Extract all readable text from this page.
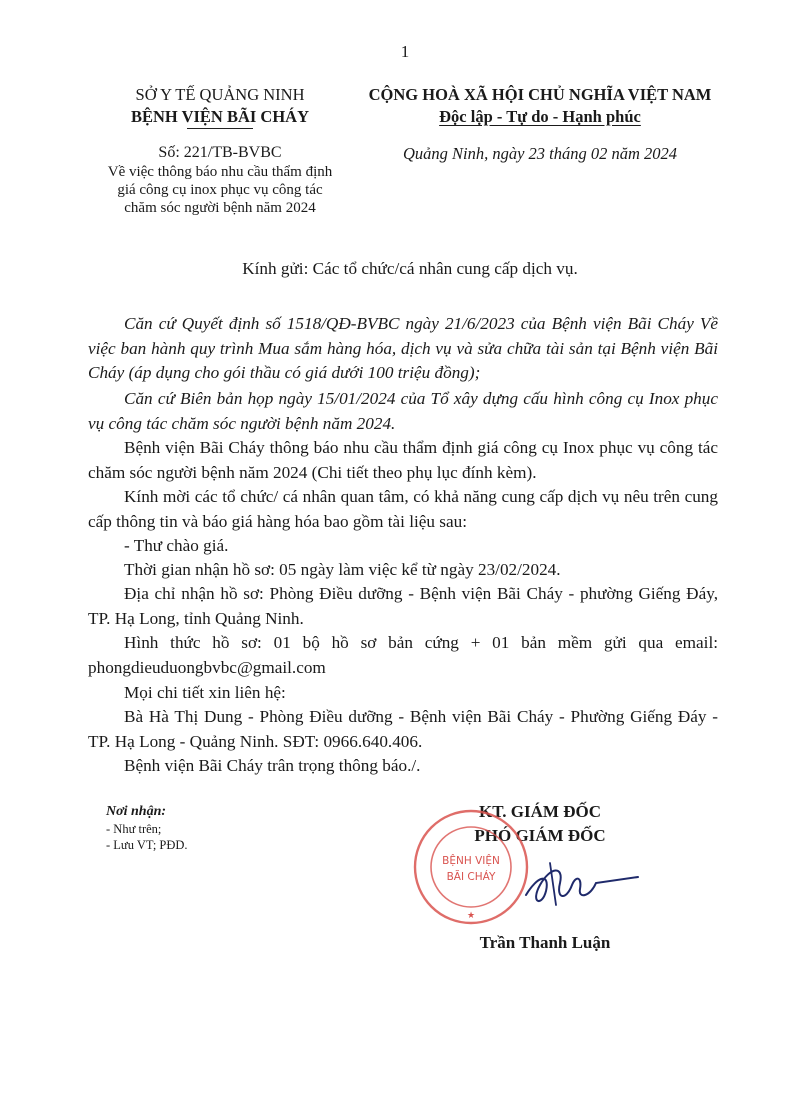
1
SỞ Y TẾ QUẢNG NINH
BỆNH VIỆN BÃI CHÁY
Số: 221/TB-BVBC
Về việc thông báo nhu cầu thẩm định
giá công cụ inox phục vụ công tác
chăm sóc người bệnh năm 2024
CỘNG HOÀ XÃ HỘI CHỦ NGHĨA VIỆT NAM
Độc lập - Tự do - Hạnh phúc
Quảng Ninh, ngày 23 tháng 02 năm 2024
Kính gửi: Các tổ chức/cá nhân cung cấp dịch vụ.
Căn cứ Quyết định số 1518/QĐ-BVBC ngày 21/6/2023 của Bệnh viện Bãi Cháy Về việc ban hành quy trình Mua sắm hàng hóa, dịch vụ và sửa chữa tài sản tại Bệnh viện Bãi Cháy (áp dụng cho gói thầu có giá dưới 100 triệu đồng);
Căn cứ Biên bản họp ngày 15/01/2024 của Tổ xây dựng cấu hình công cụ Inox phục vụ công tác chăm sóc người bệnh năm 2024.
Bệnh viện Bãi Cháy thông báo nhu cầu thẩm định giá công cụ Inox phục vụ công tác chăm sóc người bệnh năm 2024 (Chi tiết theo phụ lục đính kèm).
Kính mời các tổ chức/ cá nhân quan tâm, có khả năng cung cấp dịch vụ nêu trên cung cấp thông tin và báo giá hàng hóa bao gồm tài liệu sau:
- Thư chào giá.
Thời gian nhận hồ sơ: 05 ngày làm việc kể từ ngày 23/02/2024.
Địa chỉ nhận hồ sơ: Phòng Điều dưỡng - Bệnh viện Bãi Cháy - phường Giếng Đáy, TP. Hạ Long, tỉnh Quảng Ninh.
Hình thức hồ sơ: 01 bộ hồ sơ bản cứng + 01 bản mềm gửi qua email: phongdieuduongbvbc@gmail.com
Mọi chi tiết xin liên hệ:
Bà Hà Thị Dung - Phòng Điều dưỡng - Bệnh viện Bãi Cháy - Phường Giếng Đáy - TP. Hạ Long - Quảng Ninh. SĐT: 0966.640.406.
Bệnh viện Bãi Cháy trân trọng thông báo./.
Nơi nhận:
- Như trên;
- Lưu VT; PĐD.
KT. GIÁM ĐỐC
PHÓ GIÁM ĐỐC
BỆNH VIỆN
BÃI CHÁY
★
Trần Thanh Luận
